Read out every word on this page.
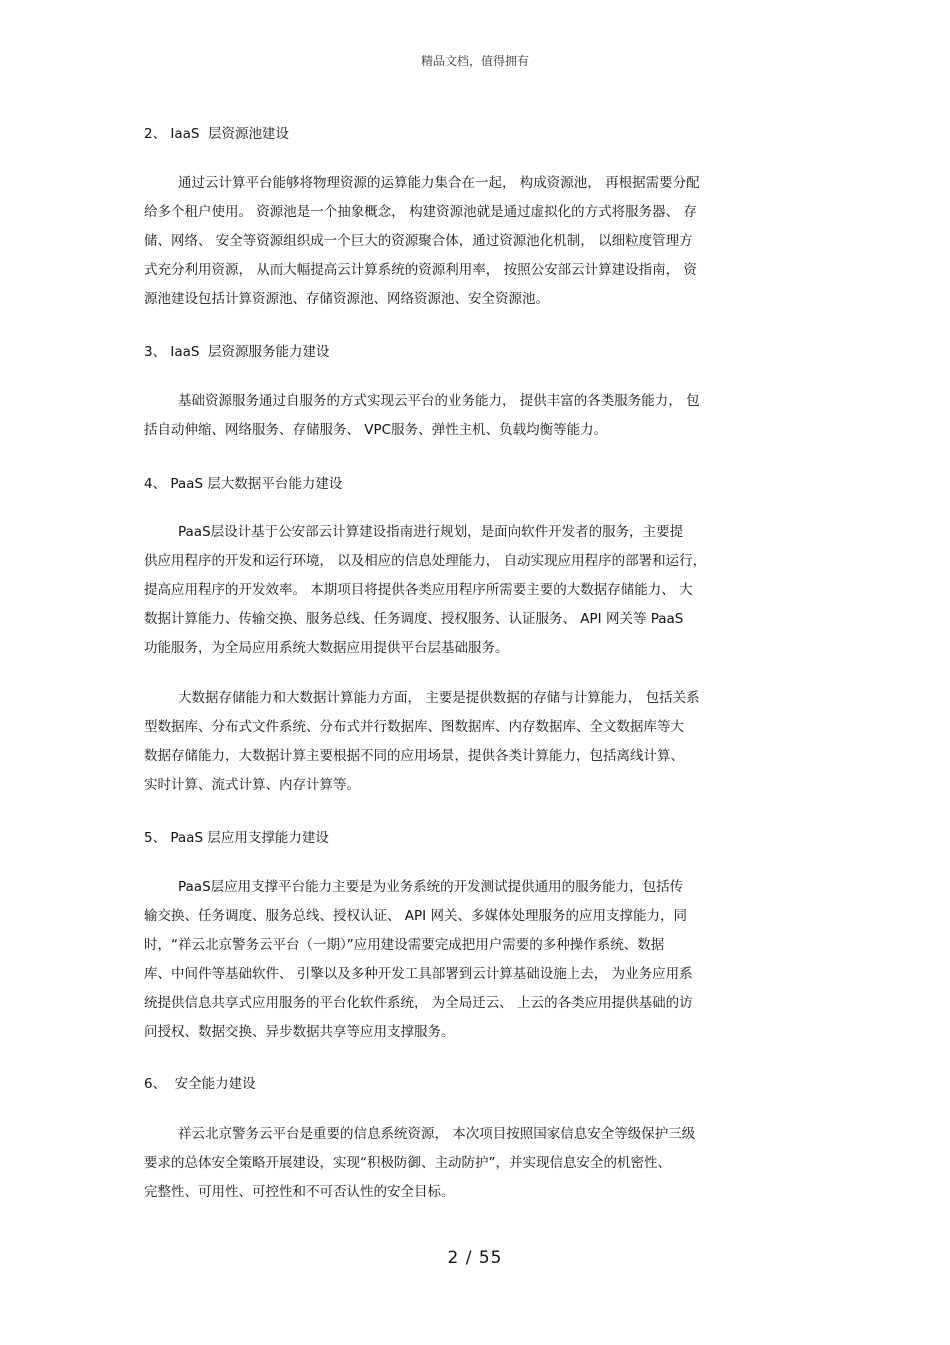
精品文档，值得拥有
2、 IaaS  层资源池建设
通过云计算平台能够将物理资源的运算能力集合在一起， 构成资源池， 再根据需要分配
给多个租户使用。 资源池是一个抽象概念， 构建资源池就是通过虚拟化的方式将服务器、 存
储、网络、 安全等资源组织成一个巨大的资源聚合体，通过资源池化机制， 以细粒度管理方
式充分利用资源， 从而大幅提高云计算系统的资源利用率， 按照公安部云计算建设指南， 资
源池建设包括计算资源池、存储资源池、网络资源池、安全资源池。
3、 IaaS  层资源服务能力建设
基础资源服务通过自服务的方式实现云平台的业务能力， 提供丰富的各类服务能力， 包
括自动伸缩、网络服务、存储服务、 VPC服务、弹性主机、负载均衡等能力。
4、 PaaS 层大数据平台能力建设
PaaS层设计基于公安部云计算建设指南进行规划，是面向软件开发者的服务，主要提
供应用程序的开发和运行环境， 以及相应的信息处理能力， 自动实现应用程序的部署和运行，
提高应用程序的开发效率。 本期项目将提供各类应用程序所需要主要的大数据存储能力、 大
数据计算能力、传输交换、服务总线、任务调度、授权服务、认证服务、 API 网关等 PaaS
功能服务，为全局应用系统大数据应用提供平台层基础服务。
大数据存储能力和大数据计算能力方面， 主要是提供数据的存储与计算能力， 包括关系
型数据库、分布式文件系统、分布式并行数据库、图数据库、内存数据库、全文数据库等大
数据存储能力，大数据计算主要根据不同的应用场景，提供各类计算能力，包括离线计算、
实时计算、流式计算、内存计算等。
5、 PaaS 层应用支撑能力建设
PaaS层应用支撑平台能力主要是为业务系统的开发测试提供通用的服务能力，包括传
输交换、任务调度、服务总线、授权认证、 API 网关、多媒体处理服务的应用支撑能力，同
时，“祥云北京警务云平台（一期）”应用建设需要完成把用户需要的多种操作系统、数据
库、中间件等基础软件、 引擎以及多种开发工具部署到云计算基础设施上去， 为业务应用系
统提供信息共享式应用服务的平台化软件系统， 为全局迁云、 上云的各类应用提供基础的访
问授权、数据交换、异步数据共享等应用支撑服务。
6、  安全能力建设
祥云北京警务云平台是重要的信息系统资源， 本次项目按照国家信息安全等级保护三级
要求的总体安全策略开展建设，实现“积极防御、主动防护”，并实现信息安全的机密性、
完整性、可用性、可控性和不可否认性的安全目标。
2 / 55
